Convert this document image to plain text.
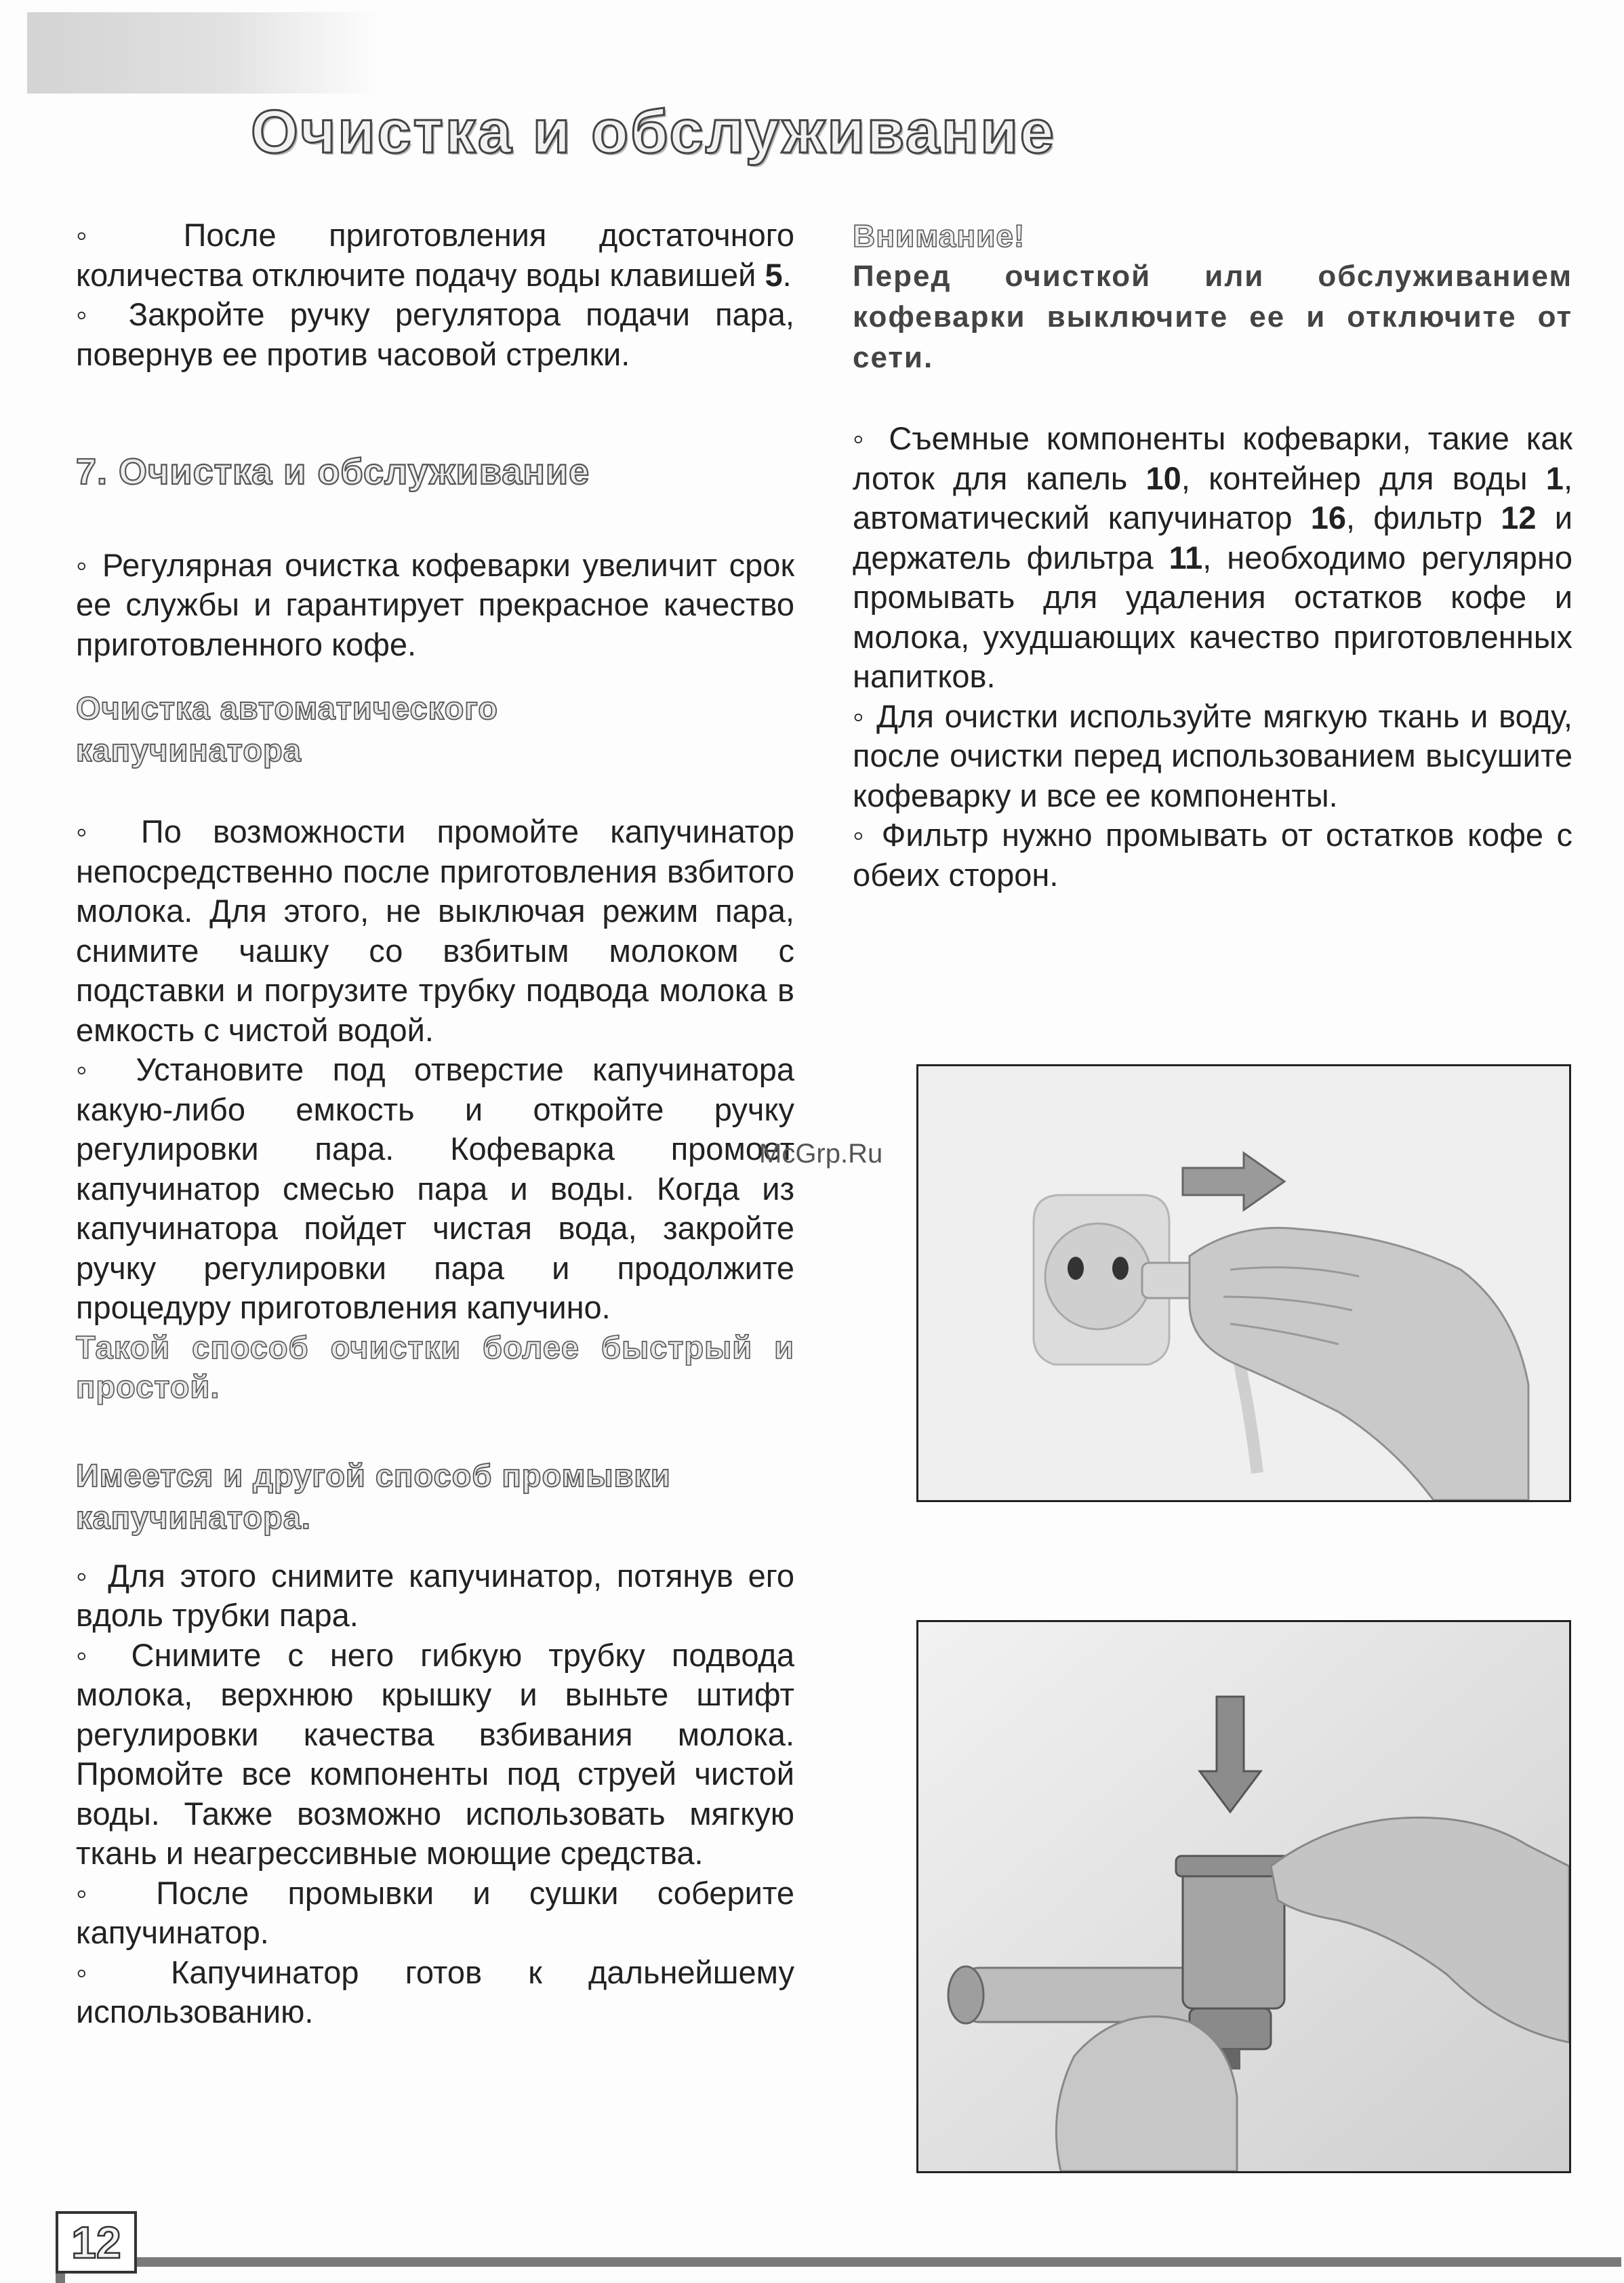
Очистка и обслуживание

◦ После приготовления достаточного количества отключите подачу воды клавишей 5.

◦ Закройте ручку регулятора подачи пара, повернув ее против часовой стрелки.

7. Очистка и обслуживание

◦ Регулярная очистка кофеварки увеличит срок ее службы и гарантирует прекрасное качество приготовленного кофе.

Очистка автоматического
капучинатора

◦ По возможности промойте капучинатор непосредственно после приготовления взбитого молока. Для этого, не выключая режим пара, снимите чашку со взбитым молоком с подставки и погрузите трубку подвода молока в емкость с чистой водой.

◦ Установите под отверстие капучинатора какую-либо емкость и откройте ручку регулировки пара. Кофеварка промоет капучинатор смесью пара и воды. Когда из капучинатора пойдет чистая вода, закройте ручку регулировки пара и продолжите процедуру приготовления капучино.

Такой способ очистки более быстрый и простой.

Имеется и другой способ промывки
капучинатора.

◦ Для этого снимите капучинатор, потянув его вдоль трубки пара.

◦ Снимите с него гибкую трубку подвода молока, верхнюю крышку и выньте штифт регулировки качества взбивания молока. Промойте все компоненты под струей чистой воды. Также возможно использовать мягкую ткань и неагрессивные моющие средства.

◦ После промывки и сушки соберите капучинатор.

◦ Капучинатор готов к дальнейшему использованию.

Внимание!

Перед очисткой или обслуживанием кофеварки выключите ее и отключите от сети.

◦ Съемные компоненты кофеварки, такие как лоток для капель 10, контейнер для воды 1, автоматический капучинатор 16, фильтр 12 и держатель фильтра 11, необходимо регулярно промывать для удаления остатков кофе и молока, ухудшающих качество приготовленных напитков.

◦ Для очистки используйте мягкую ткань и воду, после очистки перед использованием высушите кофеварку и все ее компоненты.

◦ Фильтр нужно промывать от остатков кофе с обеих сторон.

McGrp.Ru
12
